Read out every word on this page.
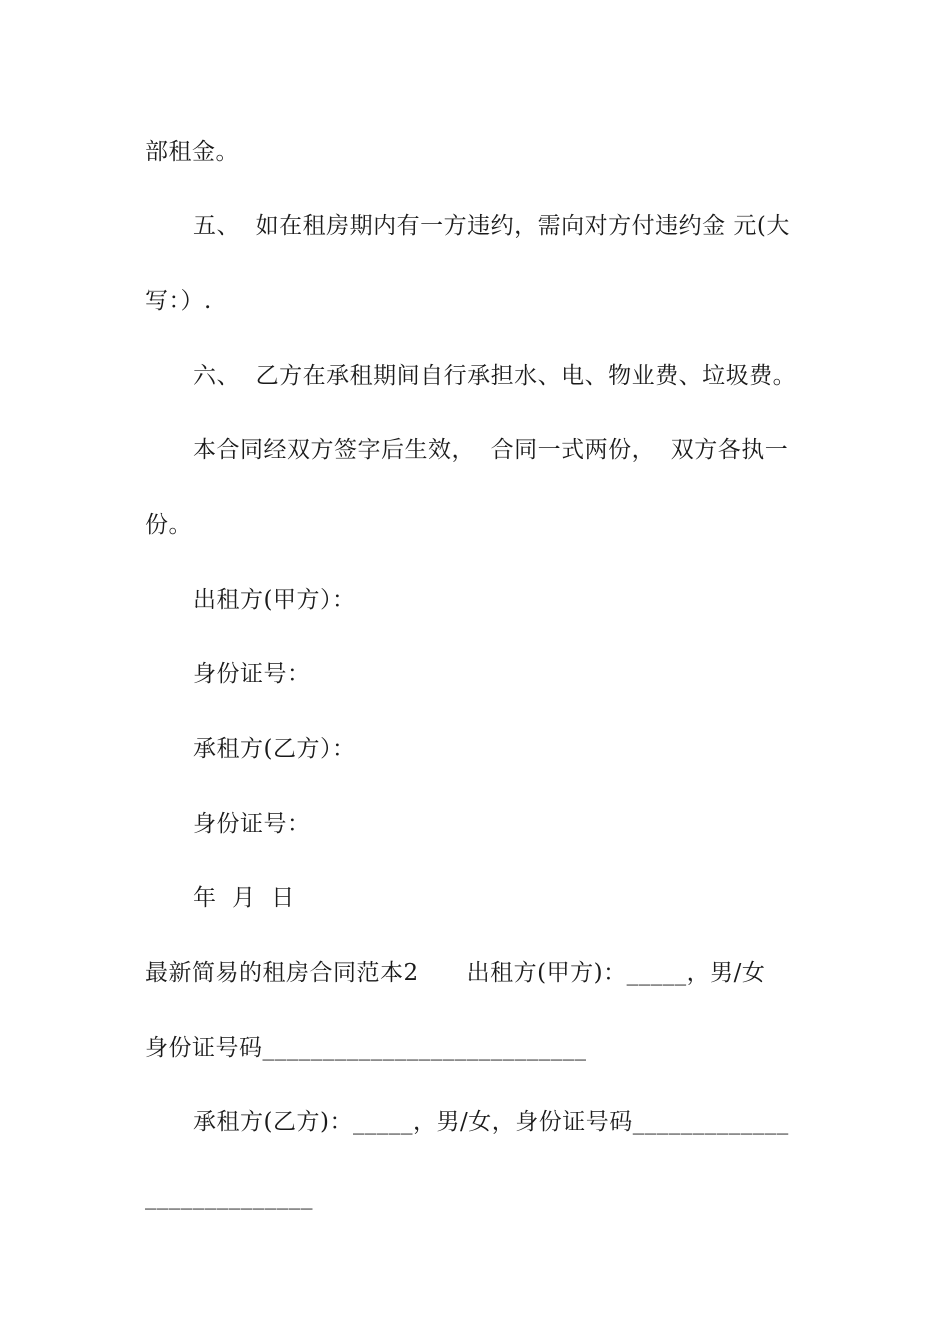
部租金。
五、  如在租房期内有一方违约，需向对方付违约金 元(大
写：）.
六、  乙方在承租期间自行承担水、电、物业费、垃圾费。
本合同经双方签字后生效，  合同一式两份，  双方各执一
份。
出租方(甲方）：
身份证号：
承租方(乙方）：
身份证号：
年  月  日
最新简易的租房合同范本2 出租方(甲方)：_____，男/女
身份证号码___________________________
承租方(乙方)：_____，男/女，身份证号码_____________
______________
